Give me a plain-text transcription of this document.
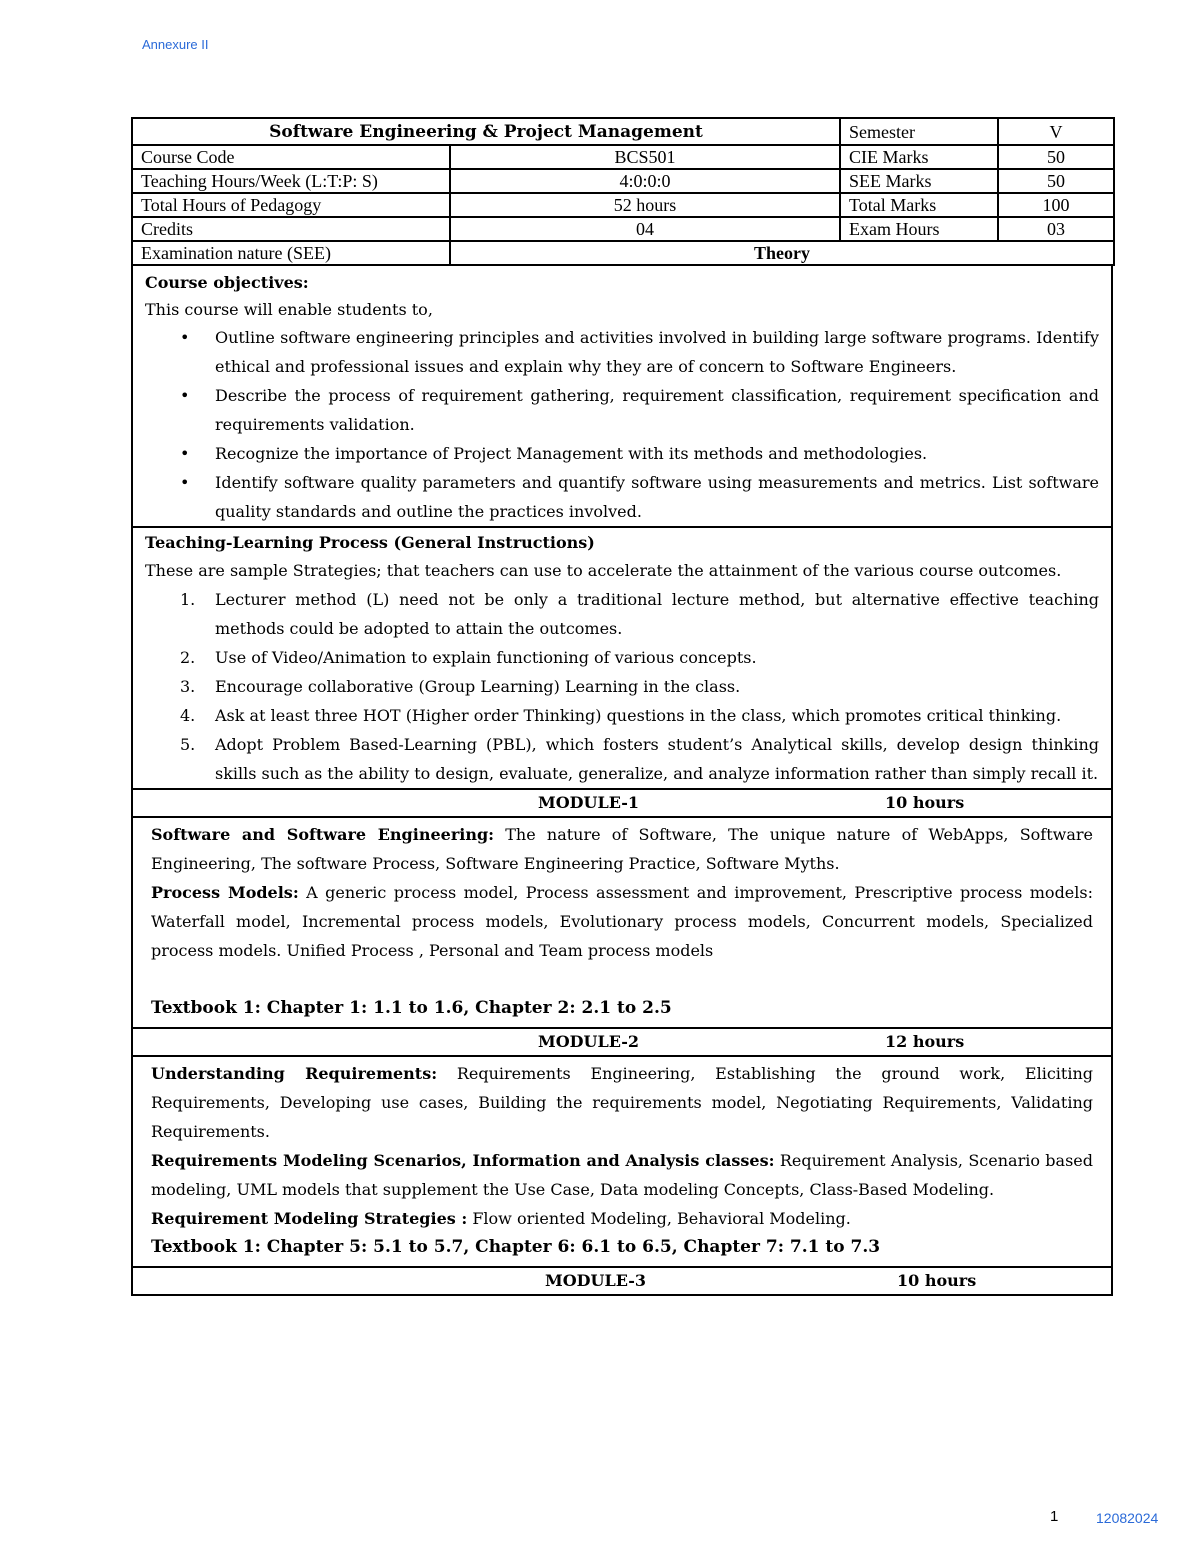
Annexure II
Software Engineering & Project Management		Semester	V
Course Code	BCS501	CIE Marks	50
Teaching Hours/Week (L:T:P: S)	4:0:0:0	SEE Marks	50
Total Hours of Pedagogy	52 hours	Total Marks	100
Credits	04	Exam Hours	03
Examination nature (SEE)	Theory		

Course objectives:

This course will enable students to,

• Outline software engineering principles and activities involved in building large software programs. Identify ethical and professional issues and explain why they are of concern to Software Engineers.
• Describe the process of requirement gathering, requirement classification, requirement specification and requirements validation.
• Recognize the importance of Project Management with its methods and methodologies.
• Identify software quality parameters and quantify software using measurements and metrics. List software quality standards and outline the practices involved.

Teaching-Learning Process (General Instructions)

These are sample Strategies; that teachers can use to accelerate the attainment of the various course outcomes.

1. Lecturer method (L) need not be only a traditional lecture method, but alternative effective teaching methods could be adopted to attain the outcomes.
2. Use of Video/Animation to explain functioning of various concepts.
3. Encourage collaborative (Group Learning) Learning in the class.
4. Ask at least three HOT (Higher order Thinking) questions in the class, which promotes critical thinking.
5. Adopt Problem Based-Learning (PBL), which fosters student’s Analytical skills, develop design thinking skills such as the ability to design, evaluate, generalize, and analyze information rather than simply recall it.
MODULE-1	10 hours

Software and Software Engineering: The nature of Software, The unique nature of WebApps, Software Engineering, The software Process, Software Engineering Practice, Software Myths.

Process Models: A generic process model, Process assessment and improvement, Prescriptive process models: Waterfall model, Incremental process models, Evolutionary process models, Concurrent models, Specialized process models. Unified Process , Personal and Team process models

Textbook 1: Chapter 1: 1.1 to 1.6, Chapter 2: 2.1 to 2.5

MODULE-2	12 hours

Understanding Requirements: Requirements Engineering, Establishing the ground work, Eliciting Requirements, Developing use cases, Building the requirements model, Negotiating Requirements, Validating Requirements.

Requirements Modeling Scenarios, Information and Analysis classes: Requirement Analysis, Scenario based modeling, UML models that supplement the Use Case, Data modeling Concepts, Class-Based Modeling.

Requirement Modeling Strategies : Flow oriented Modeling, Behavioral Modeling.

Textbook 1: Chapter 5: 5.1 to 5.7, Chapter 6: 6.1 to 6.5, Chapter 7: 7.1 to 7.3

MODULE-3	10 hours
1	12082024
